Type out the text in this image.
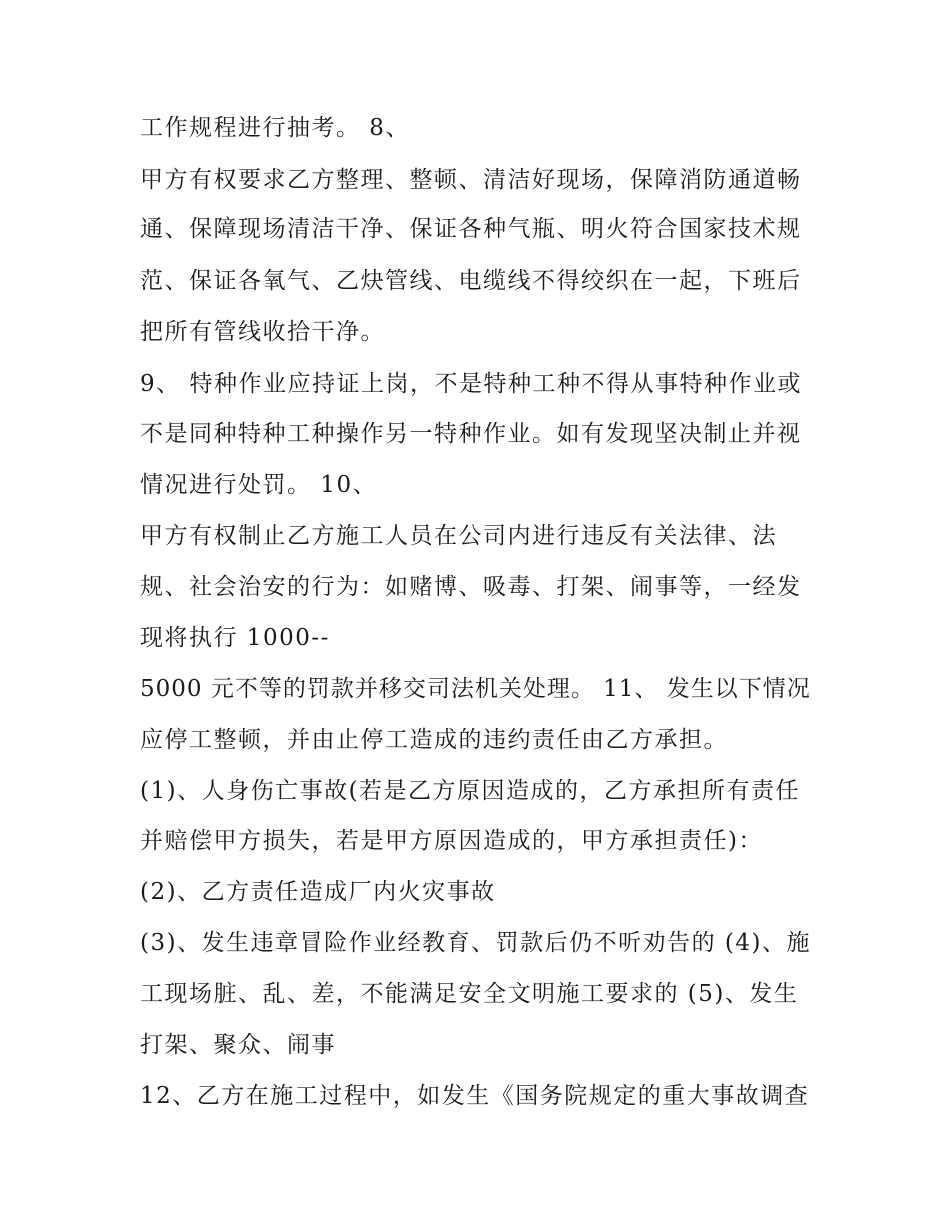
工作规程进行抽考。 8、

甲方有权要求乙方整理、整顿、清洁好现场，保障消防通道畅

通、保障现场清洁干净、保证各种气瓶、明火符合国家技术规

范、保证各氧气、乙炔管线、电缆线不得绞织在一起，下班后

把所有管线收拾干净。

9、 特种作业应持证上岗，不是特种工种不得从事特种作业或

不是同种特种工种操作另一特种作业。如有发现坚决制止并视

情况进行处罚。 10、

甲方有权制止乙方施工人员在公司内进行违反有关法律、法

规、社会治安的行为：如赌博、吸毒、打架、闹事等，一经发

现将执行 1000--

5000 元不等的罚款并移交司法机关处理。 11、 发生以下情况

应停工整顿，并由止停工造成的违约责任由乙方承担。

(1)、人身伤亡事故(若是乙方原因造成的，乙方承担所有责任

并赔偿甲方损失，若是甲方原因造成的，甲方承担责任)：

(2)、乙方责任造成厂内火灾事故

(3)、发生违章冒险作业经教育、罚款后仍不听劝告的 (4)、施

工现场脏、乱、差，不能满足安全文明施工要求的 (5)、发生

打架、聚众、闹事

12、乙方在施工过程中，如发生《国务院规定的重大事故调查
